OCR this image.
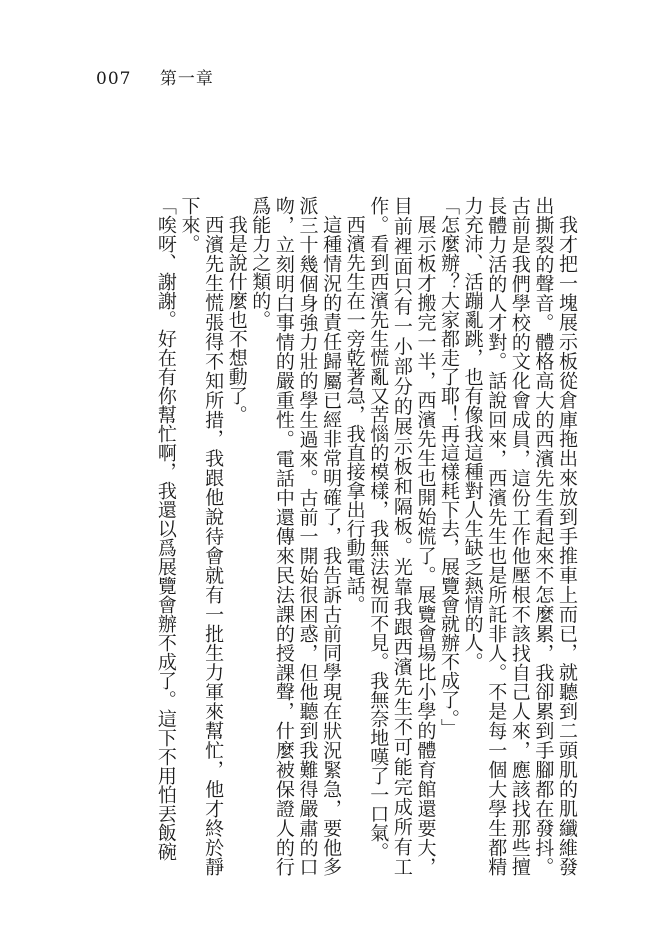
007 第一章

我才把一塊展示板從倉庫拖出來放到手推車上而已，就聽到二頭肌的肌纖維發出撕裂的聲音。體格高大的西濱先生看起來不怎麼累，我卻累到手腳都在發抖。古前是我們學校的文化會成員，這份工作他壓根不該找自己人來，應該找那些擅長體力活的人才對。話說回來，西濱先生也是所託非人。不是每一個大學生都精力充沛、活蹦亂跳，也有像我這種對人生缺乏熱情的人。

「怎麼辦？大家都走了耶！再這樣耗下去，展覽會就辦不成了。」

展示板才搬完一半，西濱先生也開始慌了。展覽會場比小學的體育館還要大，目前裡面只有一小部分的展示板和隔板。光靠我跟西濱先生不可能完成所有工作。看到西濱先生慌亂又苦惱的模樣，我無法視而不見。我無奈地嘆了一口氣。

西濱先生在一旁乾著急，我直接拿出行動電話。

這種情況的責任歸屬已經非常明確了，我告訴古前同學現在狀況緊急，要他多派三十幾個身強力壯的學生過來。古前一開始很困惑，但他聽到我難得嚴肅的口吻，立刻明白事情的嚴重性。電話中還傳來民法課的授課聲，什麼被保證人的行爲能力之類的。

我是說什麼也不想動了。

西濱先生慌張得不知所措，我跟他說待會就有一批生力軍來幫忙，他才終於靜下來。

「唉呀、謝謝。好在有你幫忙啊，我還以爲展覽會辦不成了。這下不用怕丟飯碗
